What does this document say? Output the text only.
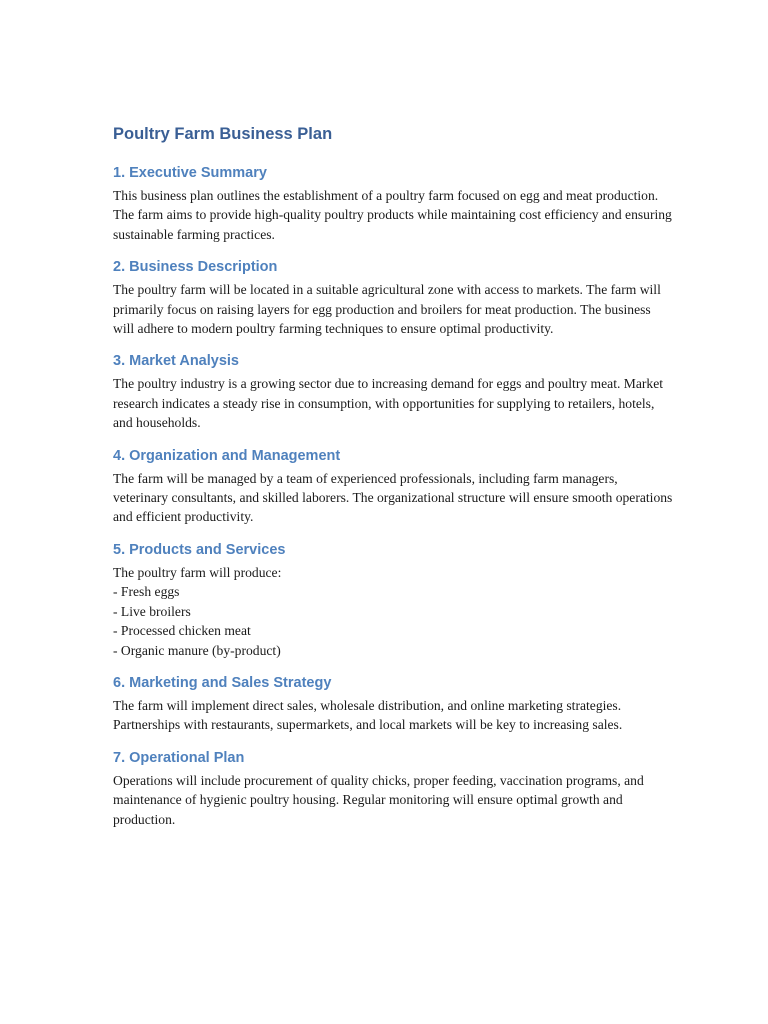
Poultry Farm Business Plan
1. Executive Summary

This business plan outlines the establishment of a poultry farm focused on egg and meat production. The farm aims to provide high-quality poultry products while maintaining cost efficiency and ensuring sustainable farming practices.

2. Business Description

The poultry farm will be located in a suitable agricultural zone with access to markets. The farm will primarily focus on raising layers for egg production and broilers for meat production. The business will adhere to modern poultry farming techniques to ensure optimal productivity.

3. Market Analysis

The poultry industry is a growing sector due to increasing demand for eggs and poultry meat. Market research indicates a steady rise in consumption, with opportunities for supplying to retailers, hotels, and households.

4. Organization and Management

The farm will be managed by a team of experienced professionals, including farm managers, veterinary consultants, and skilled laborers. The organizational structure will ensure smooth operations and efficient productivity.

5. Products and Services

The poultry farm will produce:

- Fresh eggs
- Live broilers
- Processed chicken meat
- Organic manure (by-product)
6. Marketing and Sales Strategy

The farm will implement direct sales, wholesale distribution, and online marketing strategies. Partnerships with restaurants, supermarkets, and local markets will be key to increasing sales.

7. Operational Plan

Operations will include procurement of quality chicks, proper feeding, vaccination programs, and maintenance of hygienic poultry housing. Regular monitoring will ensure optimal growth and production.
